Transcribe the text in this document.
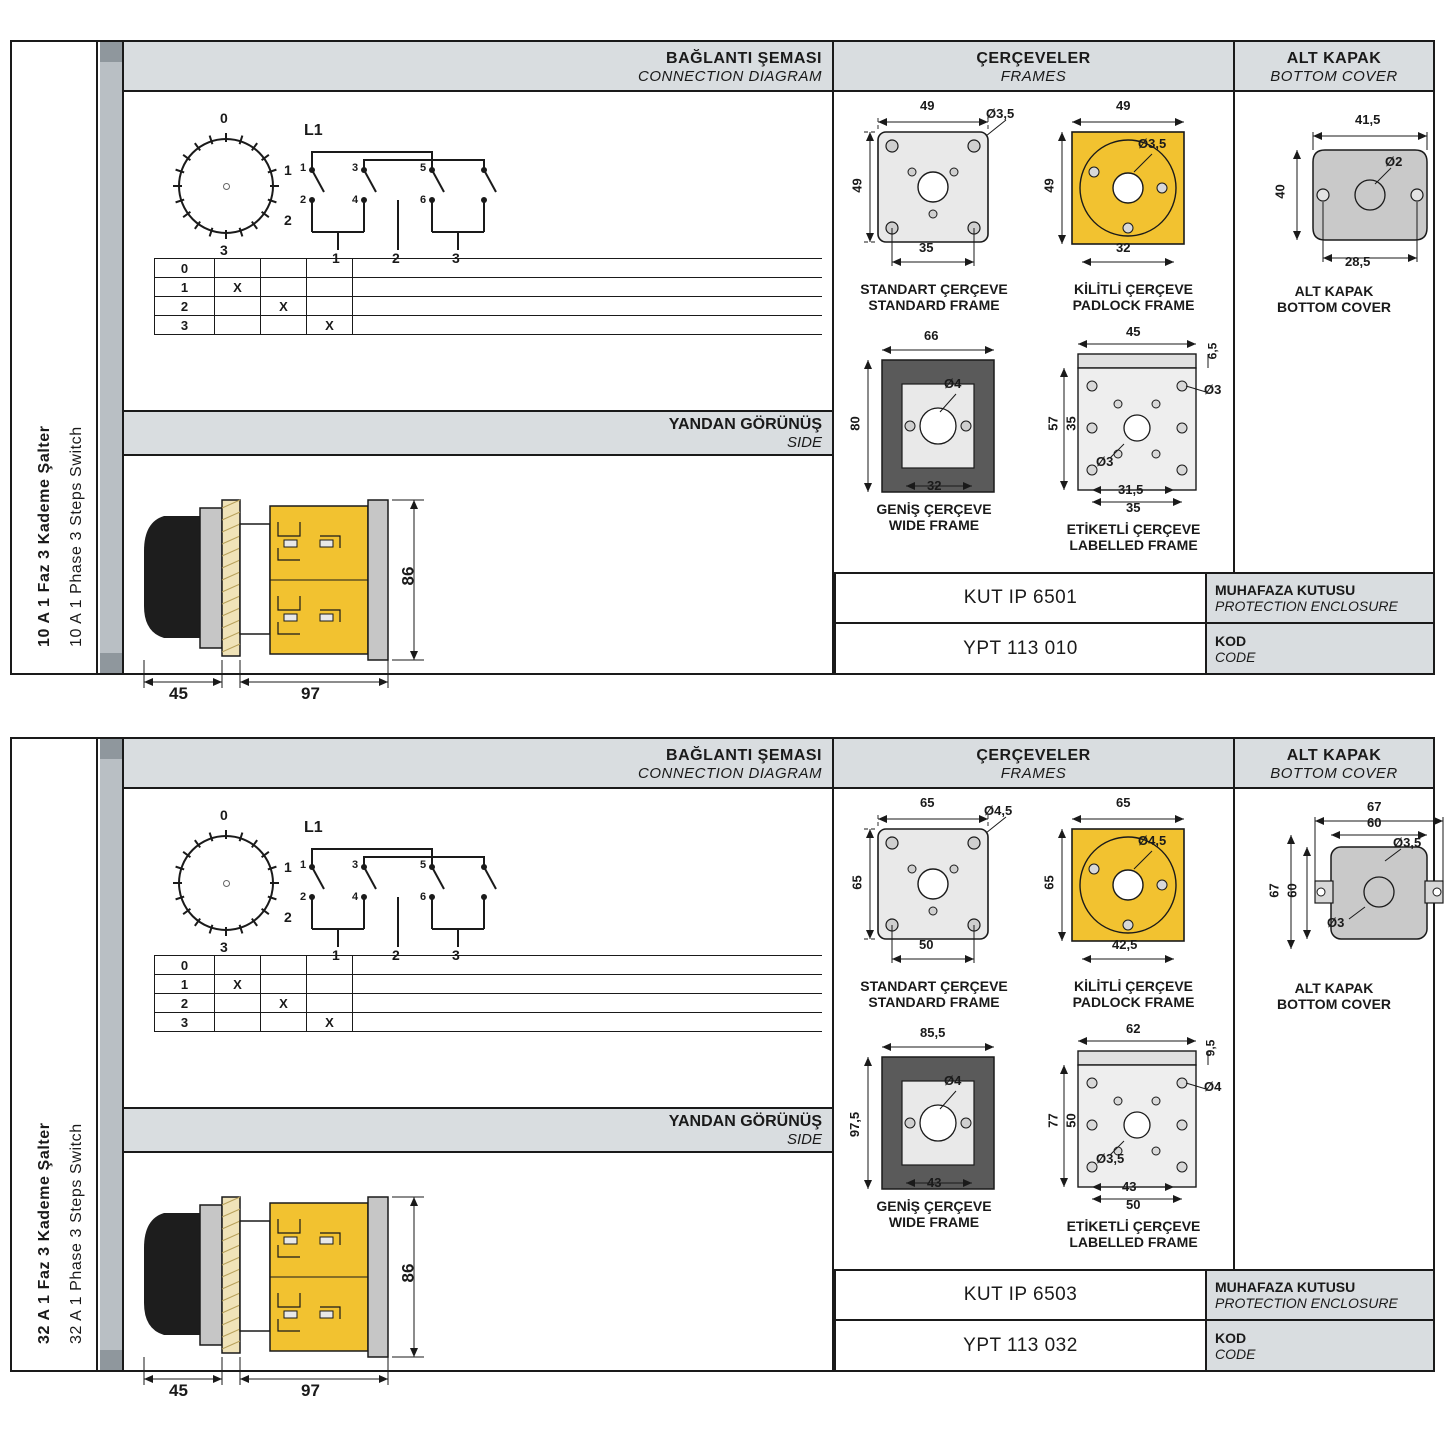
10 A 1 Faz 3 Kademe Şalter 10 A 1 Phase 3 Steps Switch
BAĞLANTI ŞEMASI
CONNECTION DIAGRAM
ÇERÇEVELER
FRAMES
ALT KAPAK
BOTTOM COVER
0
1
2
3
L1
1
2
3
4
5
6
1	2	3
0				
1	X			
2		X		
3			X	
YANDAN GÖRÜNÜŞ
SIDE
86
45	97
49
49
35
Ø3,5
STANDART ÇERÇEVE
STANDARD FRAME
49
49
32
Ø3,5
KİLİTLİ ÇERÇEVE
PADLOCK FRAME
66
80
32
Ø4
GENİŞ ÇERÇEVE
WIDE FRAME
45
6,5
57 35
31,5
35
Ø3
Ø3
ETİKETLİ ÇERÇEVE
LABELLED FRAME
41,5
40
28,5
Ø2
ALT KAPAK
BOTTOM COVER
KUT IP 6501	MUHAFAZA KUTUSU
PROTECTION ENCLOSURE
YPT 113 010	KOD
CODE
32 A 1 Faz 3 Kademe Şalter 32 A 1 Phase 3 Steps Switch
BAĞLANTI ŞEMASI
CONNECTION DIAGRAM
ÇERÇEVELER
FRAMES
ALT KAPAK
BOTTOM COVER
0
1
2
3
L1
1
2
3
4
5
6
1	2	3
0				
1	X			
2		X		
3			X	
YANDAN GÖRÜNÜŞ
SIDE
86
45	97
65
65
50
Ø4,5
STANDART ÇERÇEVE
STANDARD FRAME
65
65
42,5
Ø4,5
KİLİTLİ ÇERÇEVE
PADLOCK FRAME
85,5
97,5
43
Ø4
GENİŞ ÇERÇEVE
WIDE FRAME
62
9,5
77 50
43
50
Ø3,5
Ø4
ETİKETLİ ÇERÇEVE
LABELLED FRAME
67
60
67 60
Ø3,5
Ø3
ALT KAPAK
BOTTOM COVER
KUT IP 6503	MUHAFAZA KUTUSU
PROTECTION ENCLOSURE
YPT 113 032	KOD
CODE
